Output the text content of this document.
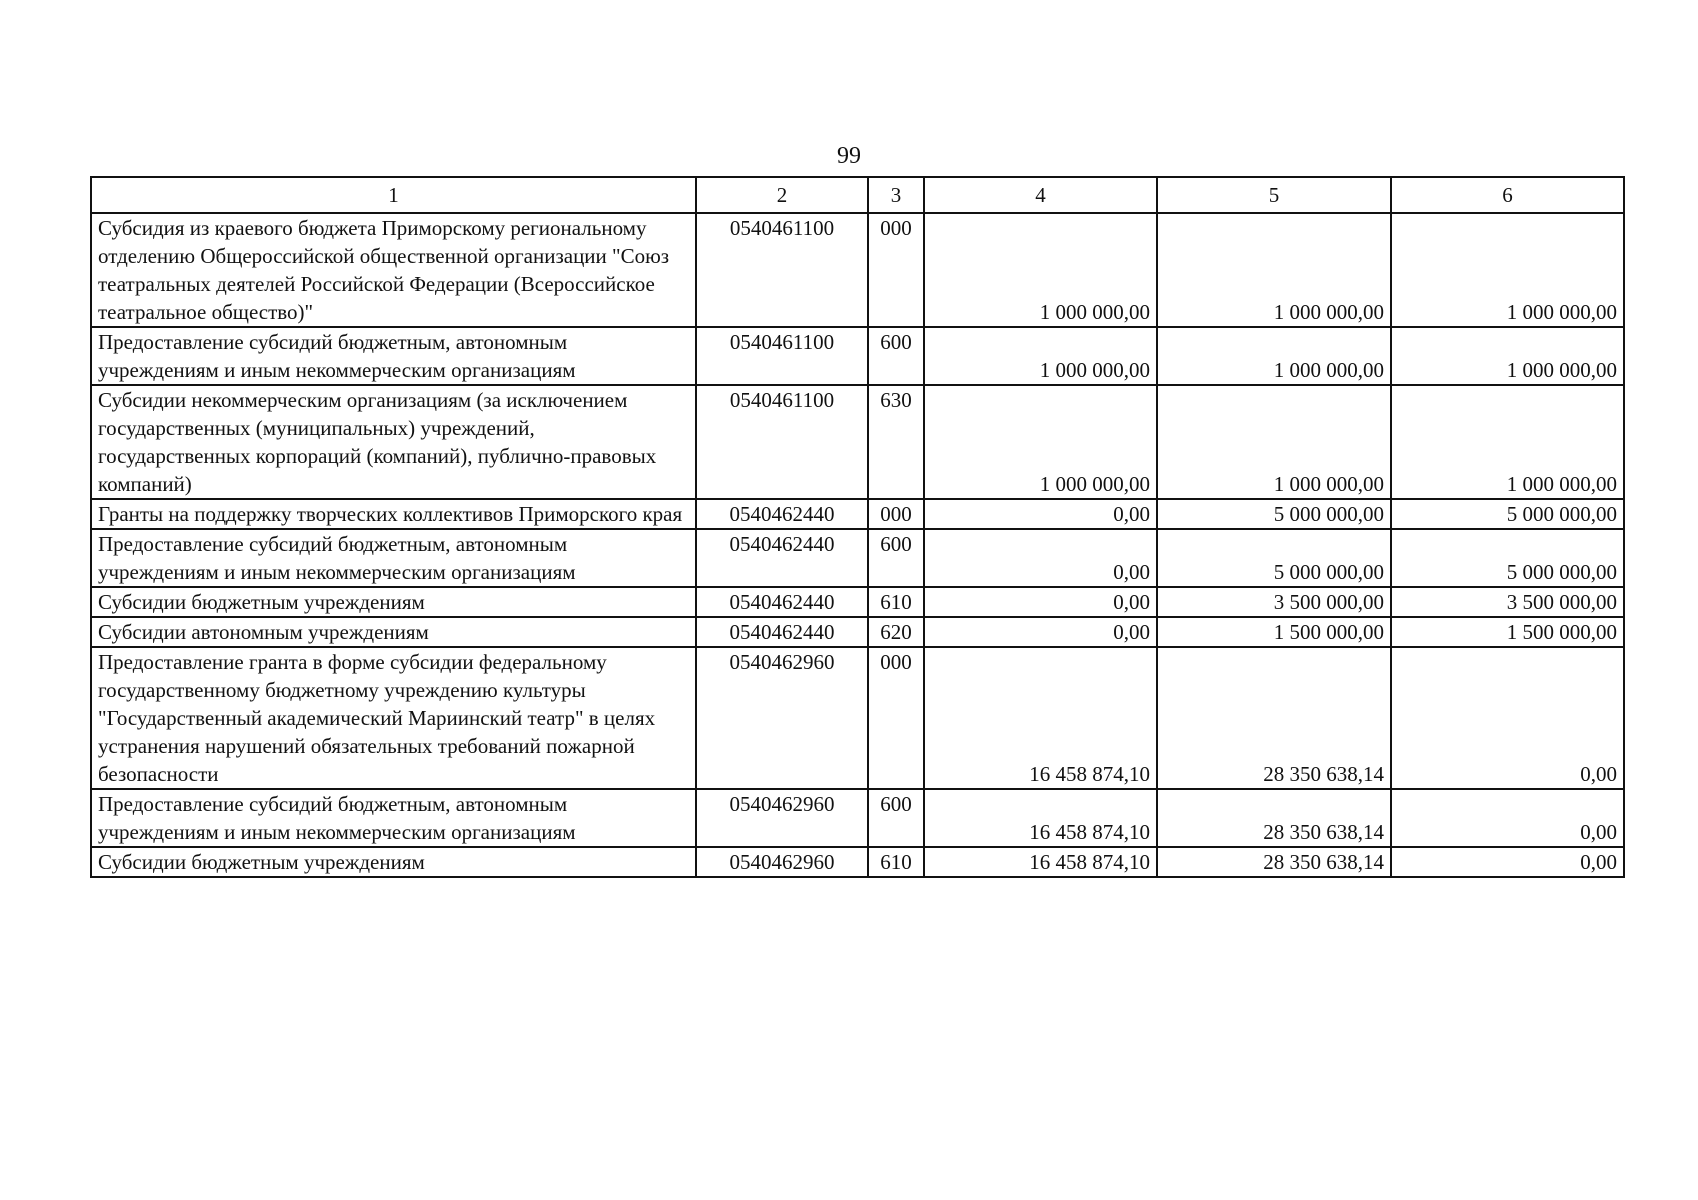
99
1	2	3	4	5	6
Субсидия из краевого бюджета Приморскому региональному отделению Общероссийской общественной организации "Союз театральных деятелей Российской Федерации (Всероссийское театральное общество)"	0540461100	000	1 000 000,00	1 000 000,00	1 000 000,00
Предоставление субсидий бюджетным, автономным учреждениям и иным некоммерческим организациям	0540461100	600	1 000 000,00	1 000 000,00	1 000 000,00
Субсидии некоммерческим организациям (за исключением государственных (муниципальных) учреждений, государственных корпораций (компаний), публично-правовых компаний)	0540461100	630	1 000 000,00	1 000 000,00	1 000 000,00
Гранты на поддержку творческих коллективов Приморского края	0540462440	000	0,00	5 000 000,00	5 000 000,00
Предоставление субсидий бюджетным, автономным учреждениям и иным некоммерческим организациям	0540462440	600	0,00	5 000 000,00	5 000 000,00
Субсидии бюджетным учреждениям	0540462440	610	0,00	3 500 000,00	3 500 000,00
Субсидии автономным учреждениям	0540462440	620	0,00	1 500 000,00	1 500 000,00
Предоставление гранта в форме субсидии федеральному государственному бюджетному учреждению культуры "Государственный академический Мариинский театр" в целях устранения нарушений обязательных требований пожарной безопасности	0540462960	000	16 458 874,10	28 350 638,14	0,00
Предоставление субсидий бюджетным, автономным учреждениям и иным некоммерческим организациям	0540462960	600	16 458 874,10	28 350 638,14	0,00
Субсидии бюджетным учреждениям	0540462960	610	16 458 874,10	28 350 638,14	0,00
